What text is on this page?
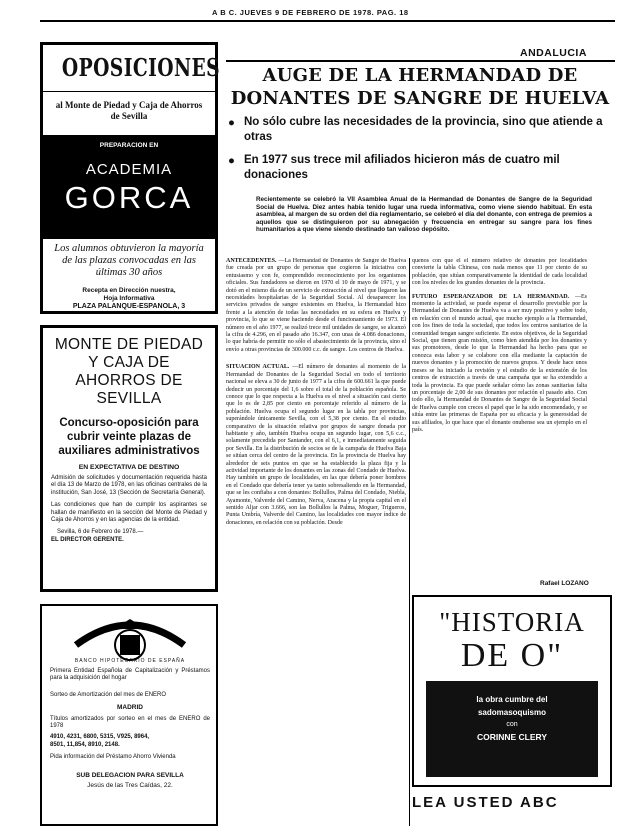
A B C. JUEVES 9 DE FEBRERO DE 1978. PAG. 18
OPOSICIONES
al Monte de Piedad y Caja de Ahorros de Sevilla
PREPARACION EN
ACADEMIA
GORCA
Los alumnos obtuvieron la mayoría de las plazas convocadas en las últimas 30 años
Recepta en Dirección nuestra,
Hoja Informativa
PLAZA PALANQUE-ESPANOLA, 3
MONTE DE PIEDAD Y CAJA DE AHORROS DE SEVILLA
Concurso-oposición para cubrir veinte plazas de auxiliares administrativos
EN EXPECTATIVA DE DESTINO
Admisión de solicitudes y documentación requerida hasta el día 13 de Marzo de 1978, en las oficinas centrales de la institución, San José, 13 (Sección de Secretaría General).
Las condiciones que han de cumplir los aspirantes se hallan de manifiesto en la sección del Monte de Piedad y Caja de Ahorros y en las agencias de la entidad.
Sevilla, 6 de Febrero de 1978.—
EL DIRECTOR GERENTE.
BANCO HIPOTECARIO DE ESPAÑA
Primera Entidad Española de Capitalización y Préstamos para la adquisición del hogar
Sorteo de Amortización del mes de ENERO
MADRID
Títulos amortizados por sorteo en el mes de ENERO de 1978
4910, 4231, 6800, 5315, V925, 8964,
8501, 11,854, 8910, 2148.
Pida información del Préstamo Ahorro Vivienda
SUB DELEGACION PARA SEVILLA
Jesús de las Tres Caídas, 22.
ANDALUCIA
AUGE DE LA HERMANDAD DE DONANTES DE SANGRE DE HUELVA
● No sólo cubre las necesidades de la provincia, sino que atiende a otras
● En 1977 sus trece mil afiliados hicieron más de cuatro mil donaciones
Recientemente se celebró la VII Asamblea Anual de la Hermandad de Donantes de Sangre de la Seguridad Social de Huelva. Diez antes había tenido lugar una rueda informativa, como viene siendo habitual. En esta asamblea, al margen de su orden del día reglamentario, se celebró el día del donante, con entrega de premios a aquellos que se distinguieron por su abnegación y frecuencia en entregar su sangre para los fines humanitarios a que viene siendo destinado tan valioso depósito.
ANTECEDENTES. —La Hermandad de Donantes de Sangre de Huelva fue creada por un grupo de personas que cogieron la iniciativa con entusiasmo y con fe, comprendido reconocimiento por los organismos oficiales. Sus fundadores se dieron en 1970 el 10 de mayo de 1971, y se dotó en el mismo día de un servicio de extracción al nivel que llegaron las necesidades hospitalarias de la Seguridad Social. Al desaparecer los servicios privados de sangre existentes en Huelva, la Hermandad hizo frente a la atención de todas las necesidades en su esfera en Huelva y provincia, lo que se viene haciendo desde el funcionamiento de 1973. El número en el año 1977, se realizó trece mil unidades de sangre, se alcanzó la cifra de 4.296, en el pasado año 16.347, con unas de 4.086 donaciones, lo que habría de permitir no sólo el abastecimiento de la provincia, sino el envío a otras provincias de 300.000 c.c. de sangre. Los centros de Huelva.
SITUACION ACTUAL. —El número de donantes al momento de la Hermandad de Donantes de la Seguridad Social en todo el territorio nacional se eleva a 30 de junio de 1977 a la cifra de 600.661 la que puede deducir un porcentaje del 1,6 sobre el total de la población española. Se conoce que lo que respecta a la Huelva es el nivel a situación casi cierto que lo es de 2,85 por ciento en porcentaje referido al número de la población. Huelva ocupa el segundo lugar en la tabla por provincias, superándole únicamente Sevilla, con el 5,38 por ciento. En el estudio comparativo de la situación relativa por grupos de sangre donada por habitante y año, también Huelva ocupa un segundo lugar, con 5,6 c.c., solamente precedida por Santander, con el 6,1, e inmediatamente seguida por Sevilla. En la distribución de socios se de la campaña de Huelva Baja se sitúan cerca del centro de la provincia. En la provincia de Huelva hay alrededor de seis puntos en que se ha establecido la plaza fija y la actividad importante de los donantes en las zonas del Condado de Huelva. Hay también un grupo de localidades, en las que debería poner hombres en el Condado que debería tener ya tanto sobresaliendo en la Hermandad, que se les confiaba a con donantes: Bollullos, Palma del Condado, Niebla, Ayamonte, Valverde del Camino, Nerva, Aracena y la propia capital en el sentido Aljar con 3.666, son las Bollullos la Palma, Moguer, Trigueros, Punta Umbría, Valverde del Camino, las localidades con mayor índice de donaciones, en relación con su población. Desde
quenos con que el el número relativo de donantes por localidades convierte la tabla Chinesa, con nada menos que 11 por ciento de su población, que sitúan comparativamente la identidad de cada localidad con los niveles de los grandes donantes de la provincia.
FUTURO ESPERANZADOR DE LA HERMANDAD. —Es momento la actividad, se puede esperar el desarrollo previsible por la Hermandad de Donantes de Huelva va a ser muy positivo y sobre todo, en relación con el mundo actual, que mucho ejemplo a la Hermandad, con los fines de toda la sociedad, que todos los centros sanitarios de la comunidad tengan sangre suficiente. En estos objetivos, de la Seguridad Social, que tienen gran misión, como bien atendida por los donantes y sus promotores, desde lo que la Hermandad ha hecho para que se conozca esta labor y se colabore con ella mediante la captación de nuevos donantes y la promoción de nuevos grupos. Y desde hace unos meses se ha iniciado la revisión y el estudio de la extensión de los centros de extracción a través de una campaña que se ha extendido a toda la provincia. Es que puede señalar cómo las zonas sanitarias falta un porcentaje de 2,00 de sus donantes por relación el pasado año. Con todo ello, la Hermandad de Donantes de Sangre de la Seguridad Social de Huelva cumple con creces el papel que le ha sido encomendado, y se sitúa entre las primeras de España por su eficacia y la generosidad de sus afiliados, lo que hace que el donante onubense sea un ejemplo en el país.
Rafael LOZANO
"HISTORIA
DE O"
la obra cumbre del
sadomasoquismo
con
CORINNE CLERY
LEA USTED ABC
